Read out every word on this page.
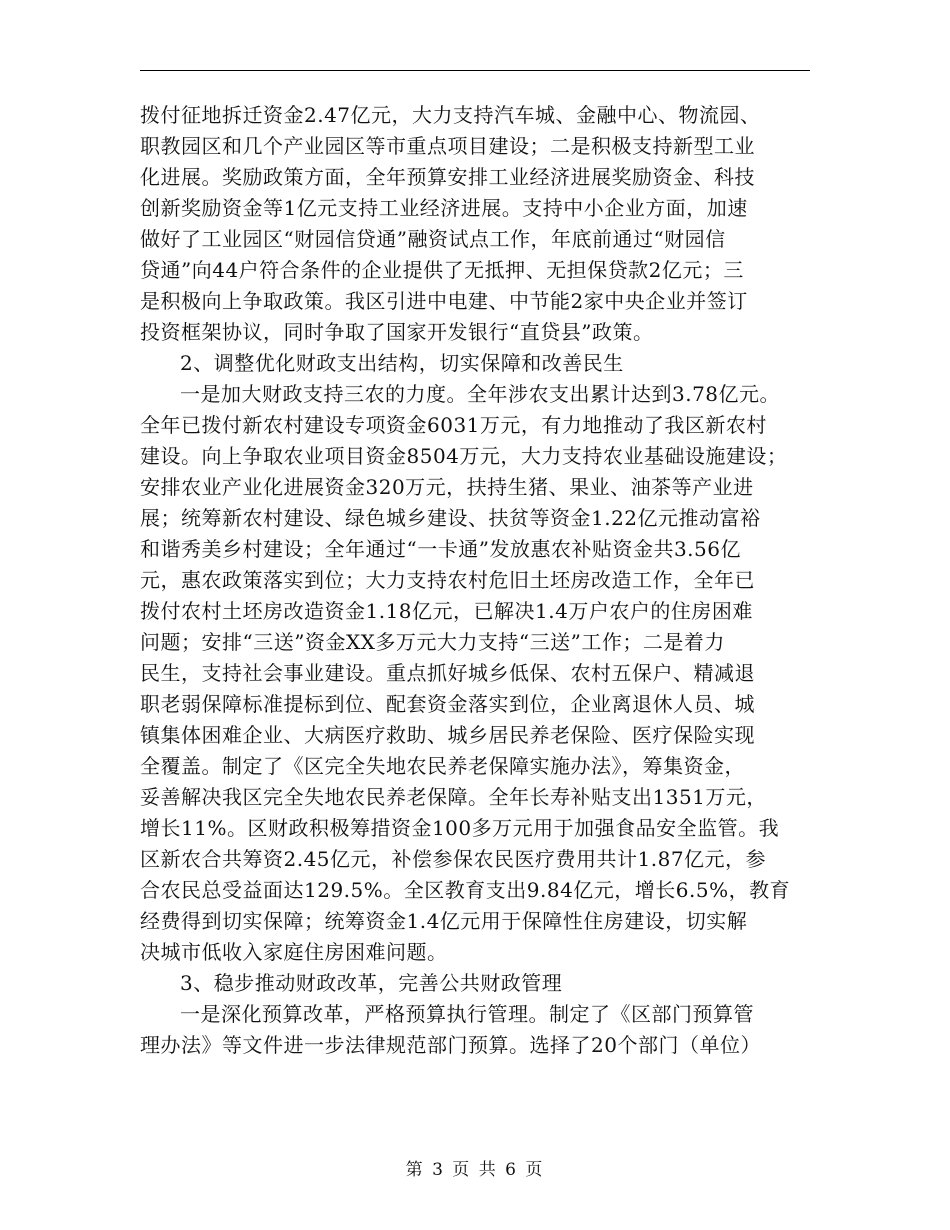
拨付征地拆迁资金2.47亿元，大力支持汽车城、金融中心、物流园、
职教园区和几个产业园区等市重点项目建设；二是积极支持新型工业
化进展。奖励政策方面，全年预算安排工业经济进展奖励资金、科技
创新奖励资金等1亿元支持工业经济进展。支持中小企业方面，加速
做好了工业园区“财园信贷通”融资试点工作，年底前通过“财园信
贷通”向44户符合条件的企业提供了无抵押、无担保贷款2亿元；三
是积极向上争取政策。我区引进中电建、中节能2家中央企业并签订
投资框架协议，同时争取了国家开发银行“直贷县”政策。
2、调整优化财政支出结构，切实保障和改善民生
一是加大财政支持三农的力度。全年涉农支出累计达到3.78亿元。
全年已拨付新农村建设专项资金6031万元，有力地推动了我区新农村
建设。向上争取农业项目资金8504万元，大力支持农业基础设施建设；
安排农业产业化进展资金320万元，扶持生猪、果业、油茶等产业进
展；统筹新农村建设、绿色城乡建设、扶贫等资金1.22亿元推动富裕
和谐秀美乡村建设；全年通过“一卡通”发放惠农补贴资金共3.56亿
元，惠农政策落实到位；大力支持农村危旧土坯房改造工作，全年已
拨付农村土坯房改造资金1.18亿元，已解决1.4万户农户的住房困难
问题；安排“三送”资金XX多万元大力支持“三送”工作；二是着力
民生，支持社会事业建设。重点抓好城乡低保、农村五保户、精减退
职老弱保障标准提标到位、配套资金落实到位，企业离退休人员、城
镇集体困难企业、大病医疗救助、城乡居民养老保险、医疗保险实现
全覆盖。制定了《区完全失地农民养老保障实施办法》，筹集资金，
妥善解决我区完全失地农民养老保障。全年长寿补贴支出1351万元，
增长11%。区财政积极筹措资金100多万元用于加强食品安全监管。我
区新农合共筹资2.45亿元，补偿参保农民医疗费用共计1.87亿元，参
合农民总受益面达129.5%。全区教育支出9.84亿元，增长6.5%，教育
经费得到切实保障；统筹资金1.4亿元用于保障性住房建设，切实解
决城市低收入家庭住房困难问题。
3、稳步推动财政改革，完善公共财政管理
一是深化预算改革，严格预算执行管理。制定了《区部门预算管
理办法》等文件进一步法律规范部门预算。选择了20个部门（单位）
第 3 页 共 6 页
